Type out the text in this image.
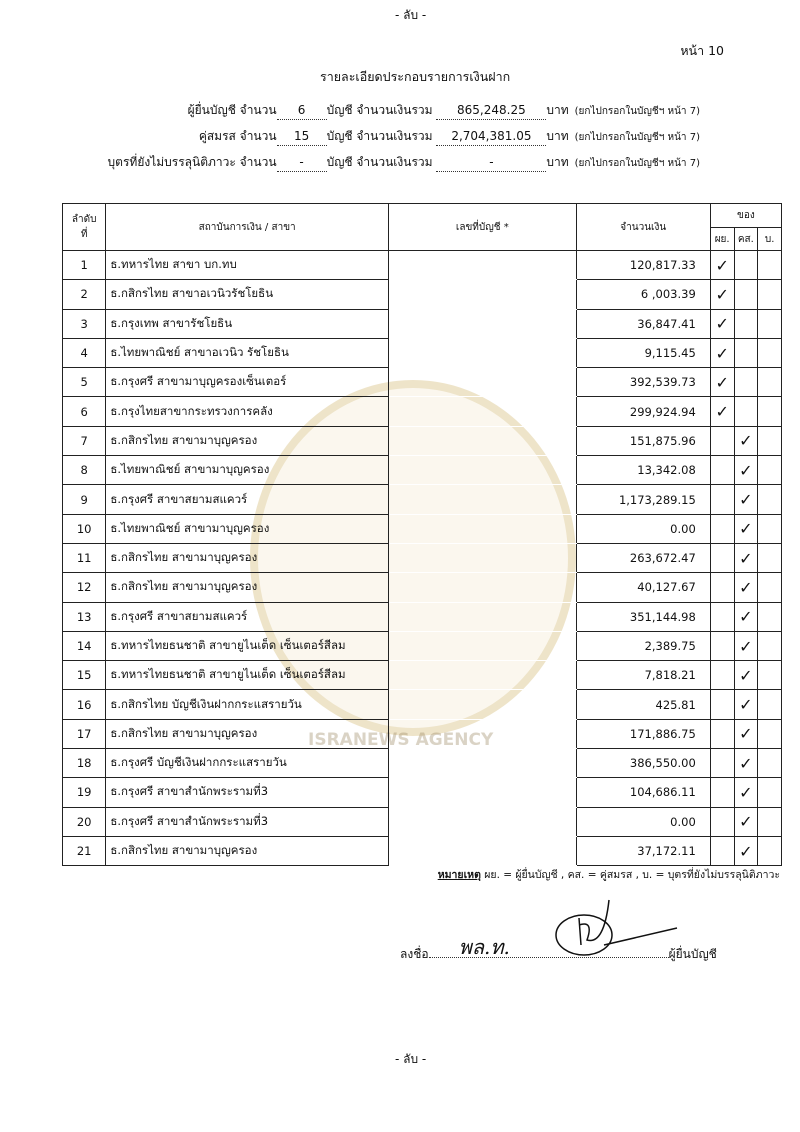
ISRANEWS AGENCY
- ลับ -
หน้า 10
รายละเอียดประกอบรายการเงินฝาก
ผู้ยื่นบัญชี จำนวน 6 บัญชี จำนวนเงินรวม 865,248.25 บาท (ยกไปกรอกในบัญชีฯ หน้า 7)
คู่สมรส จำนวน 15 บัญชี จำนวนเงินรวม 2,704,381.05 บาท (ยกไปกรอกในบัญชีฯ หน้า 7)
บุตรที่ยังไม่บรรลุนิติภาวะ จำนวน - บัญชี จำนวนเงินรวม	-	บาท (ยกไปกรอกในบัญชีฯ หน้า 7)
ลำดับ ที่	สถาบันการเงิน / สาขา	เลขที่บัญชี *	จำนวนเงิน	ของ		
				ผย.	คส.	บ.
1	ธ.ทหารไทย สาขา บก.ทบ		120,817.33	✓		
2	ธ.กสิกรไทย สาขาอเวนิวรัชโยธิน		6 ,003.39	✓		
3	ธ.กรุงเทพ สาขารัชโยธิน		36,847.41	✓		
4	ธ.ไทยพาณิชย์ สาขาอเวนิว รัชโยธิน		9,115.45	✓		
5	ธ.กรุงศรี สาขามาบุญครองเซ็นเตอร์		392,539.73	✓		
6	ธ.กรุงไทยสาขากระทรวงการคลัง		299,924.94	✓		
7	ธ.กสิกรไทย สาขามาบุญครอง		151,875.96		✓	
8	ธ.ไทยพาณิชย์ สาขามาบุญครอง		13,342.08		✓	
9	ธ.กรุงศรี สาขาสยามสแควร์		1,173,289.15		✓	
10	ธ.ไทยพาณิชย์ สาขามาบุญครอง		0.00		✓	
11	ธ.กสิกรไทย สาขามาบุญครอง		263,672.47		✓	
12	ธ.กสิกรไทย สาขามาบุญครอง		40,127.67		✓	
13	ธ.กรุงศรี สาขาสยามสแควร์		351,144.98		✓	
14	ธ.ทหารไทยธนชาติ สาขายูไนเต็ด เซ็นเตอร์สีลม		2,389.75		✓	
15	ธ.ทหารไทยธนชาติ สาขายูไนเต็ด เซ็นเตอร์สีลม		7,818.21		✓	
16	ธ.กสิกรไทย บัญชีเงินฝากกระแสรายวัน		425.81		✓	
17	ธ.กสิกรไทย สาขามาบุญครอง		171,886.75		✓	
18	ธ.กรุงศรี บัญชีเงินฝากกระแสรายวัน		386,550.00		✓	
19	ธ.กรุงศรี สาขาสำนักพระรามที่3		104,686.11		✓	
20	ธ.กรุงศรี สาขาสำนักพระรามที่3		0.00		✓	
21	ธ.กสิกรไทย สาขามาบุญครอง		37,172.11		✓	
หมายเหตุ ผย. = ผู้ยื่นบัญชี , คส. = คู่สมรส , บ. = บุตรที่ยังไม่บรรลุนิติภาวะ
ลงชื่อ พล.ท.	ผู้ยื่นบัญชี
- ลับ -
